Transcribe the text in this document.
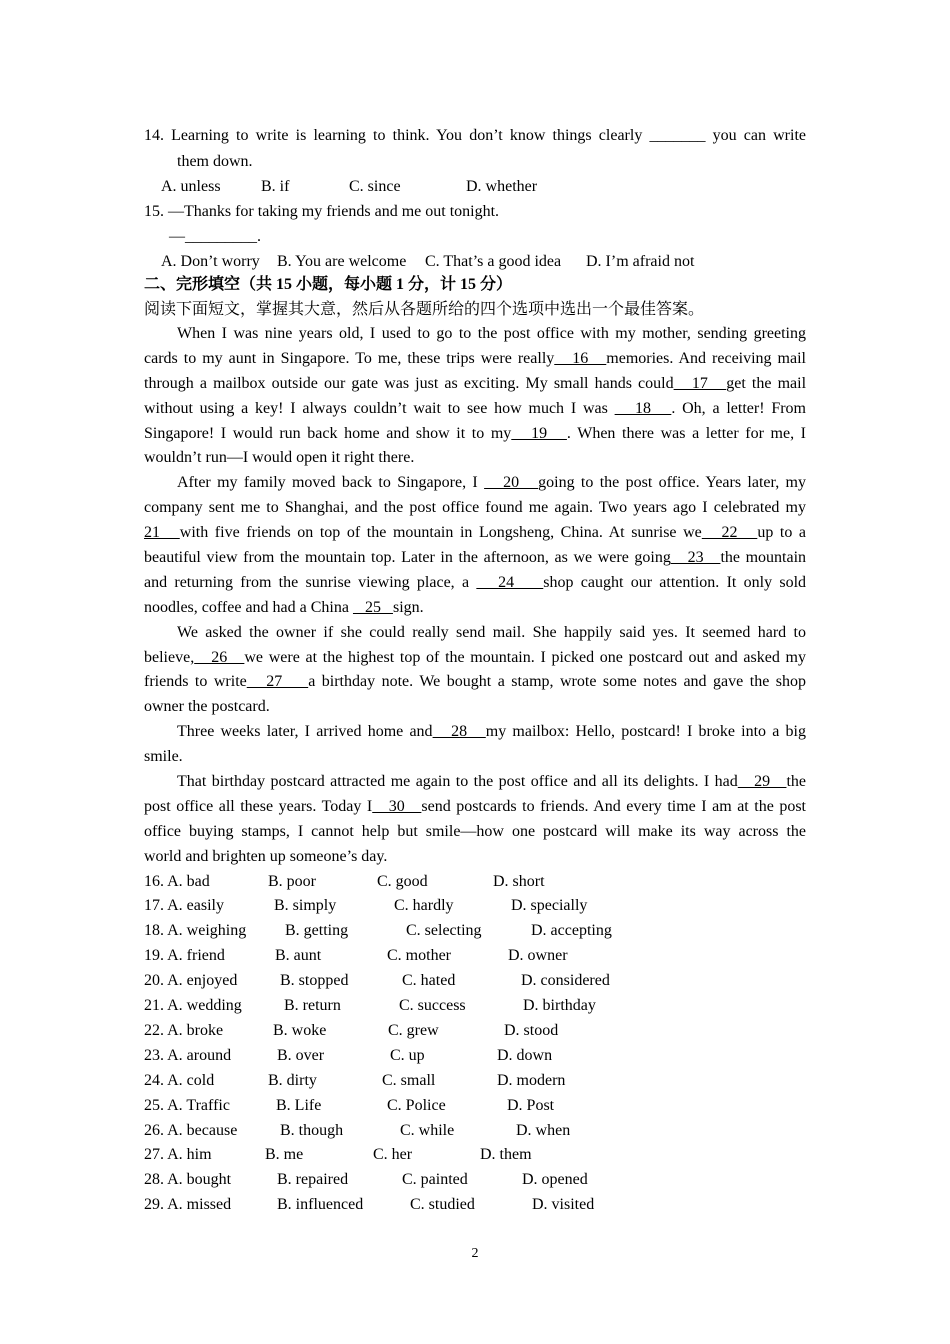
14. Learning to write is learning to think. You don’t know things clearly _______ you can write
them down.
A. unless	B. if	C. since	D. whether
15. —Thanks for taking my friends and me out tonight.
—_________.
A. Don’t worry B. You are welcome C. That’s a good idea D. I’m afraid not
二、完形填空（共 15 小题，每小题 1 分，计 15 分）
阅读下面短文，掌握其大意，然后从各题所给的四个选项中选出一个最佳答案。
When I was nine years old, I used to go to the post office with my mother, sending greeting
cards to my aunt in Singapore. To me, these trips were really   16   memories. And receiving mail
through a mailbox outside our gate was just as exciting. My small hands could   17   get the mail
without using a key! I always couldn’t wait to see how much I was    18   . Oh, a letter! From
Singapore! I would run back home and show it to my   19   . When there was a letter for me, I
wouldn’t run—I would open it right there.
After my family moved back to Singapore, I    20   going to the post office. Years later, my
company sent me to Shanghai, and the post office found me again. Two years ago I celebrated my
21   with five friends on top of the mountain in Longsheng, China. At sunrise we   22   up to a
beautiful view from the mountain top. Later in the afternoon, as we were going   23   the mountain
and returning from the sunrise viewing place, a    24    shop caught our attention. It only sold
noodles, coffee and had a China    25   sign.
We asked the owner if she could really send mail. She happily said yes. It seemed hard to
believe,   26   we were at the highest top of the mountain. I picked one postcard out and asked my
friends to write   27    a birthday note. We bought a stamp, wrote some notes and gave the shop
owner the postcard.
Three weeks later, I arrived home and   28   my mailbox: Hello, postcard! I broke into a big
smile.
That birthday postcard attracted me again to the post office and all its delights. I had   29   the
post office all these years. Today I   30   send postcards to friends. And every time I am at the post
office buying stamps, I cannot help but smile—how one postcard will make its way across the
world and brighten up someone’s day.
16. A. bad	B. poor	C. good	D. short
17. A. easily	B. simply	C. hardly	D. specially
18. A. weighing B. getting	C. selecting	D. accepting
19. A. friend	B. aunt	C. mother	D. owner
20. A. enjoyed	B. stopped	C. hated	D. considered
21. A. wedding	B. return	C. success	D. birthday
22. A. broke	B. woke	C. grew	D. stood
23. A. around	B. over	C. up	D. down
24. A. cold	B. dirty	C. small	D. modern
25. A. Traffic	B. Life	C. Police	D. Post
26. A. because	B. though	C. while	D. when
27. A. him	B. me	C. her	D. them
28. A. bought	B. repaired	C. painted	D. opened
29. A. missed	B. influenced	C. studied	D. visited
2
